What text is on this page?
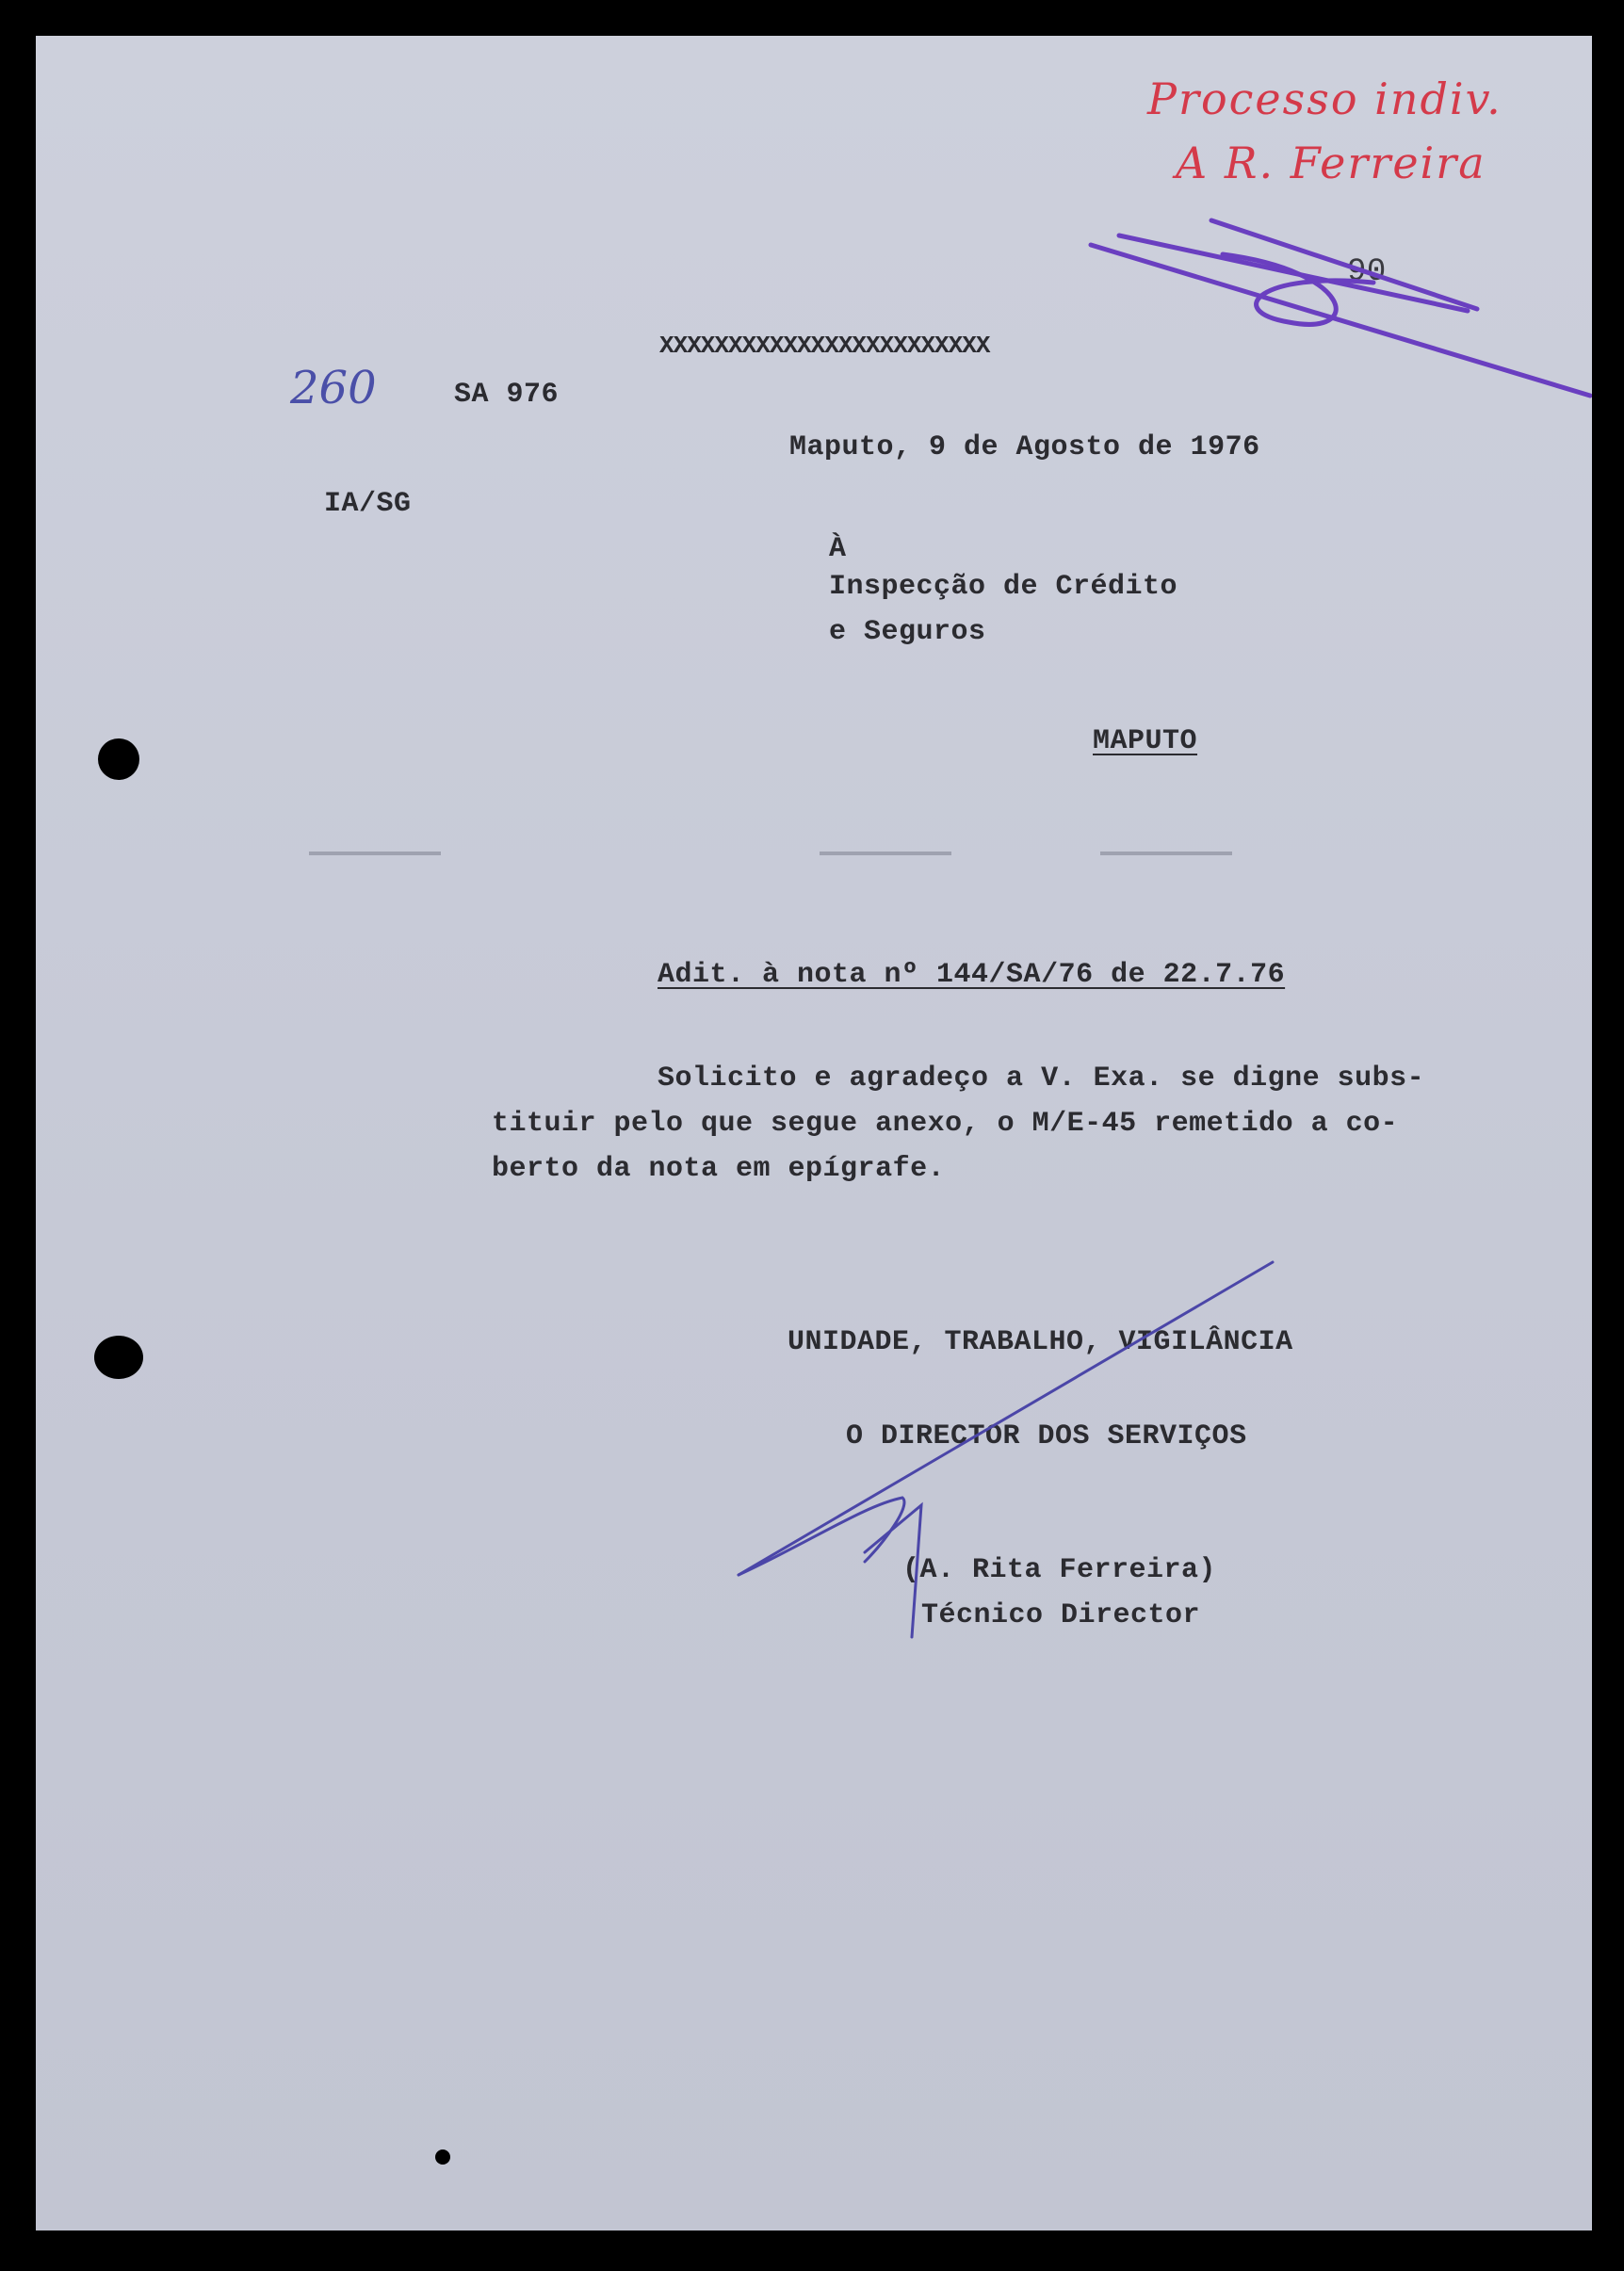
Processo indiv.
A R. Ferreira
90
260
XXXXXXXXXXXXXXXXXXXXXXXX
SA 976
Maputo, 9 de Agosto de 1976
IA/SG
À
Inspecção de Crédito
e Seguros
MAPUTO
Adit. à nota nº 144/SA/76 de 22.7.76
Solicito e agradeço a V. Exa. se digne subs-
tituir pelo que segue anexo, o M/E-45 remetido a co-
berto da nota em epígrafe.
UNIDADE, TRABALHO, VIGILÂNCIA
O DIRECTOR DOS SERVIÇOS
(A. Rita Ferreira)
Técnico Director
